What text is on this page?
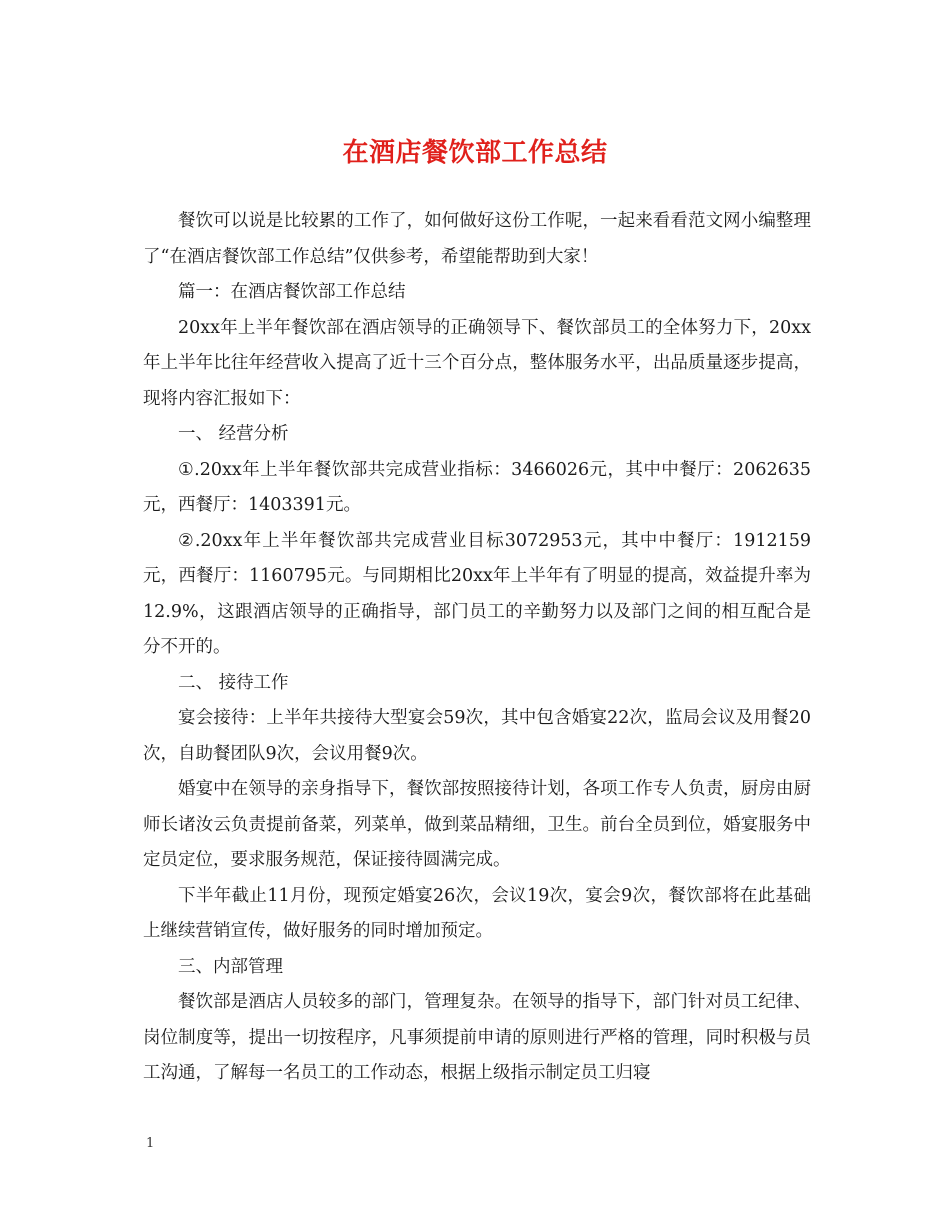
在酒店餐饮部工作总结

餐饮可以说是比较累的工作了，如何做好这份工作呢，一起来看看范文网小编整理了“在酒店餐饮部工作总结”仅供参考，希望能帮助到大家！

篇一：在酒店餐饮部工作总结

20xx年上半年餐饮部在酒店领导的正确领导下、餐饮部员工的全体努力下，20xx年上半年比往年经营收入提高了近十三个百分点，整体服务水平，出品质量逐步提高，现将内容汇报如下：

一、 经营分析

①.20xx年上半年餐饮部共完成营业指标：3466026元，其中中餐厅：2062635元，西餐厅：1403391元。

②.20xx年上半年餐饮部共完成营业目标3072953元，其中中餐厅：1912159元，西餐厅：1160795元。与同期相比20xx年上半年有了明显的提高，效益提升率为12.9%，这跟酒店领导的正确指导，部门员工的辛勤努力以及部门之间的相互配合是分不开的。

二、 接待工作

宴会接待：上半年共接待大型宴会59次，其中包含婚宴22次，监局会议及用餐20次，自助餐团队9次，会议用餐9次。

婚宴中在领导的亲身指导下，餐饮部按照接待计划，各项工作专人负责，厨房由厨师长诸汝云负责提前备菜，列菜单，做到菜品精细，卫生。前台全员到位，婚宴服务中定员定位，要求服务规范，保证接待圆满完成。

下半年截止11月份，现预定婚宴26次，会议19次，宴会9次，餐饮部将在此基础上继续营销宣传，做好服务的同时增加预定。

三、内部管理

餐饮部是酒店人员较多的部门，管理复杂。在领导的指导下，部门针对员工纪律、岗位制度等，提出一切按程序，凡事须提前申请的原则进行严格的管理，同时积极与员工沟通，了解每一名员工的工作动态，根据上级指示制定员工归寝

1
